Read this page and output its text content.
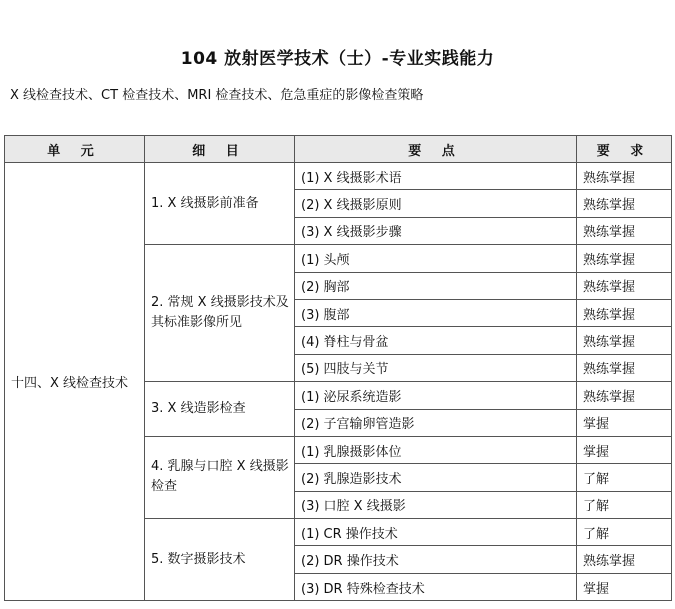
104 放射医学技术（士）-专业实践能力
X 线检查技术、CT 检查技术、MRI 检查技术、危急重症的影像检查策略
单 元	细 目	要 点	要 求
十四、X 线检查技术	1. X 线摄影前准备	(1) X 线摄影术语	熟练掌握
		(2) X 线摄影原则	熟练掌握
		(3) X 线摄影步骤	熟练掌握
	2. 常规 X 线摄影技术及其标准影像所见	(1) 头颅	熟练掌握
		(2) 胸部	熟练掌握
		(3) 腹部	熟练掌握
		(4) 脊柱与骨盆	熟练掌握
		(5) 四肢与关节	熟练掌握
	3. X 线造影检查	(1) 泌尿系统造影	熟练掌握
		(2) 子宫输卵管造影	掌握
	4. 乳腺与口腔 X 线摄影检查	(1) 乳腺摄影体位	掌握
		(2) 乳腺造影技术	了解
		(3) 口腔 X 线摄影	了解
	5. 数字摄影技术	(1) CR 操作技术	了解
		(2) DR 操作技术	熟练掌握
		(3) DR 特殊检查技术	掌握
